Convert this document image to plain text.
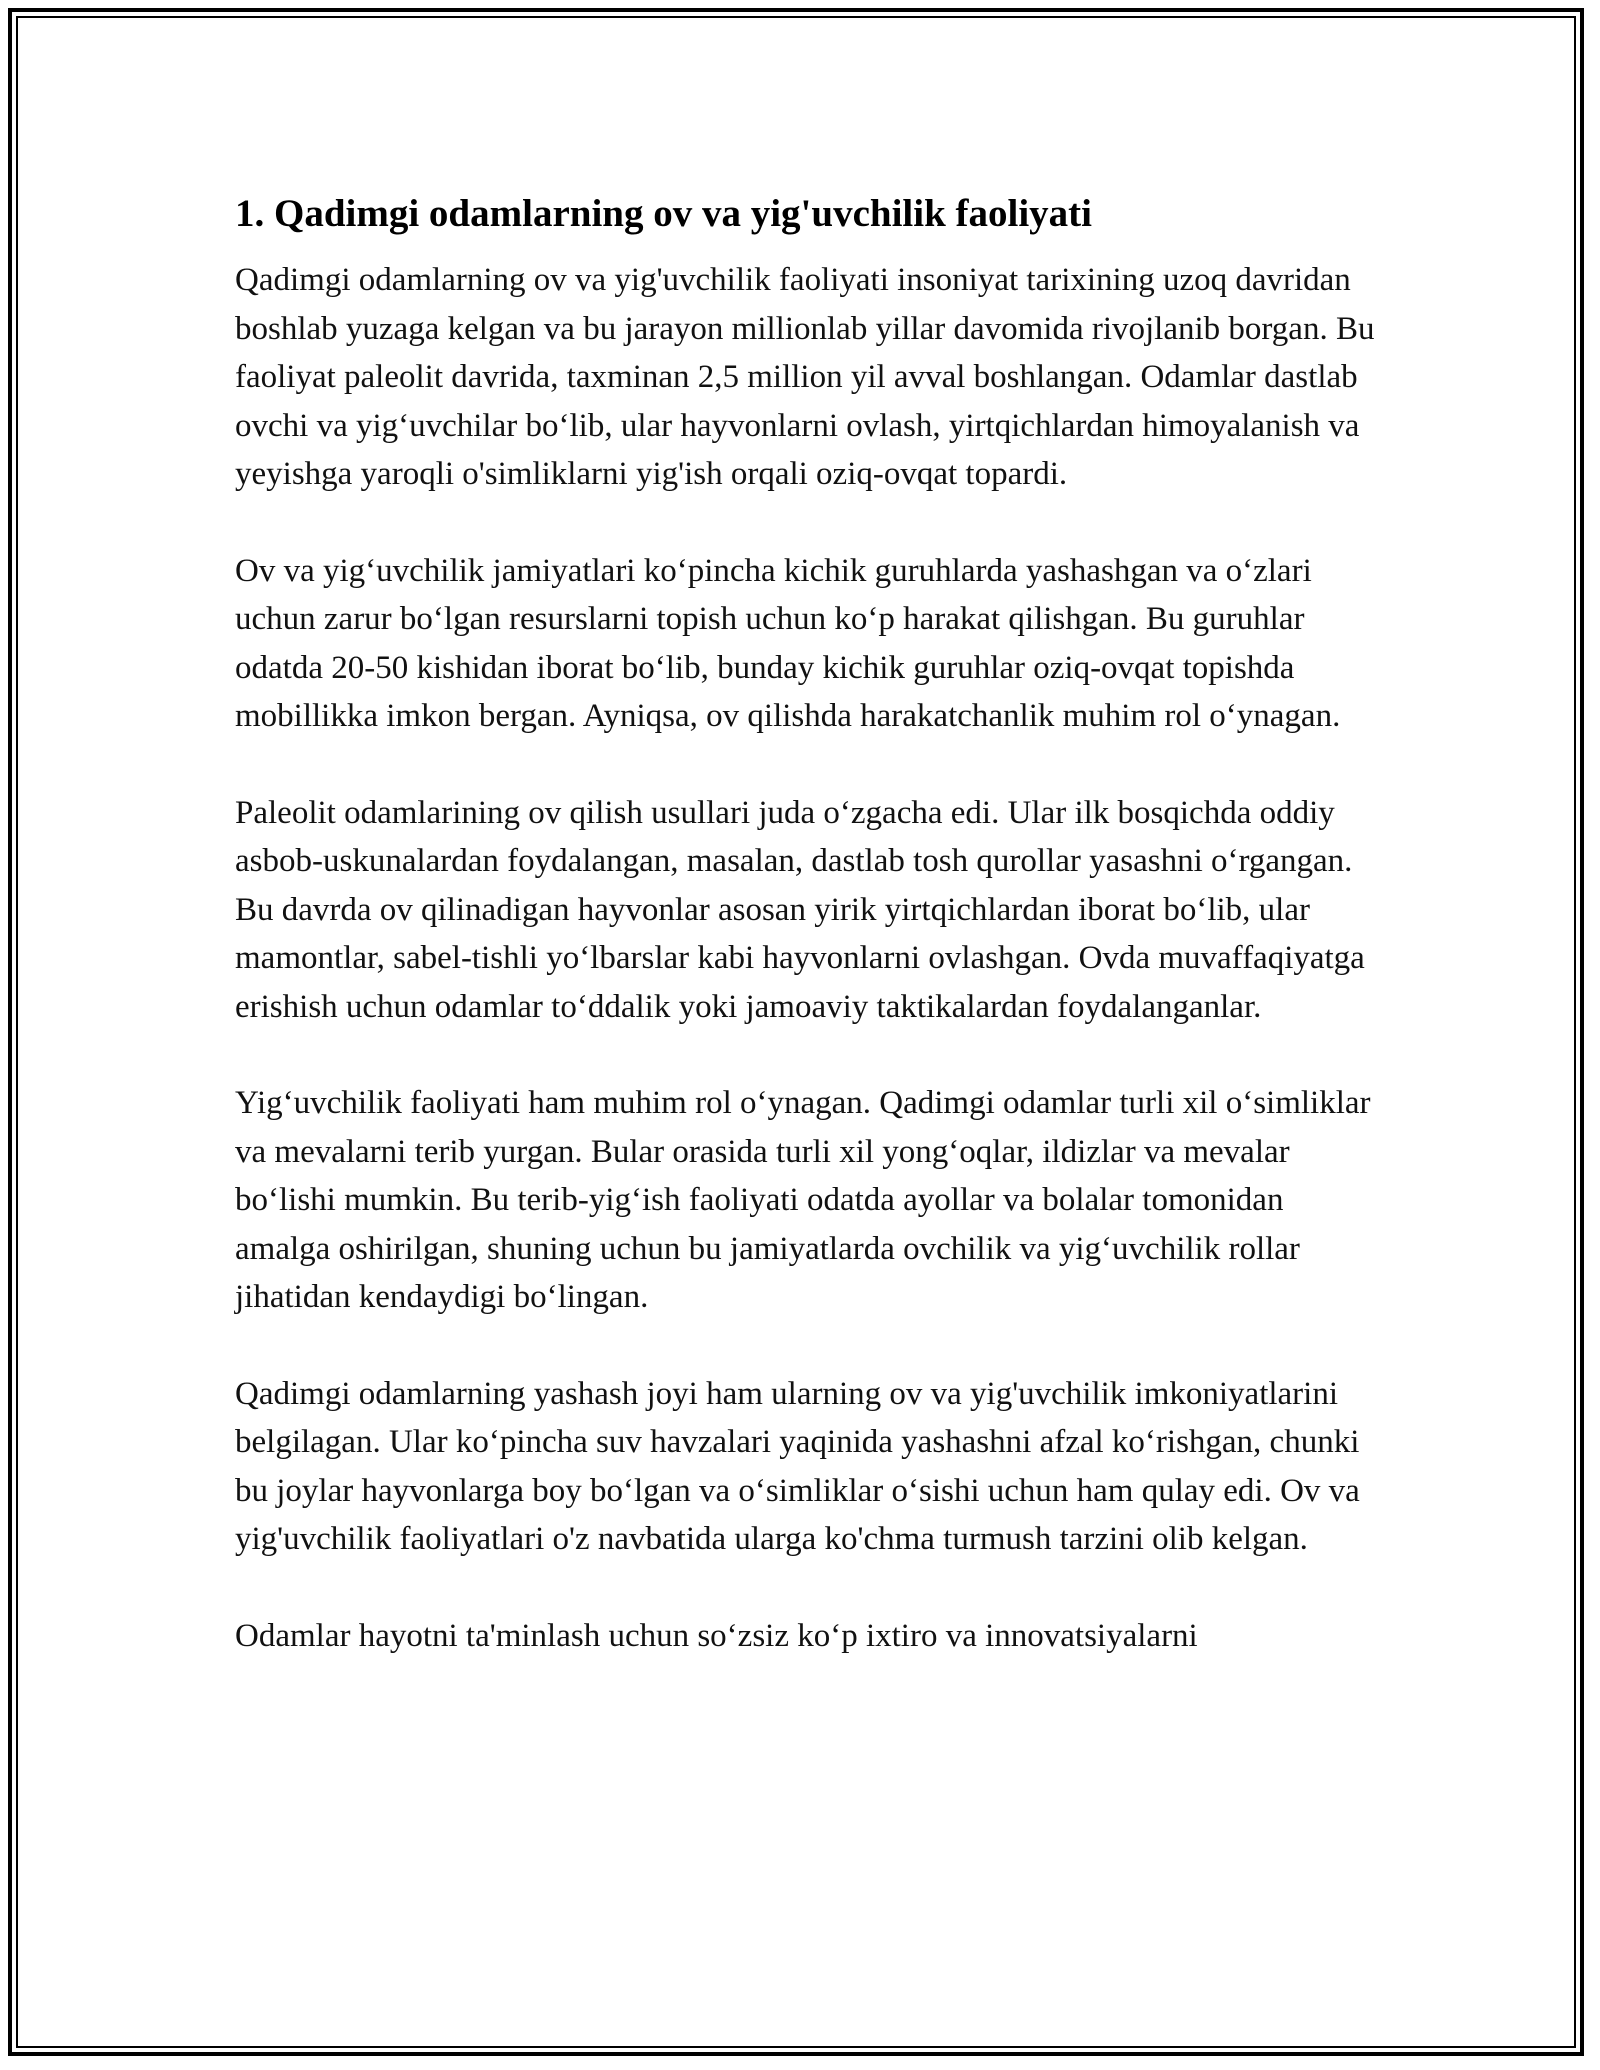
1. Qadimgi odamlarning ov va yig'uvchilik faoliyati

Qadimgi odamlarning ov va yig'uvchilik faoliyati insoniyat tarixining uzoq davridan boshlab yuzaga kelgan va bu jarayon millionlab yillar davomida rivojlanib borgan. Bu faoliyat paleolit davrida, taxminan 2,5 million yil avval boshlangan. Odamlar dastlab ovchi va yig‘uvchilar bo‘lib, ular hayvonlarni ovlash, yirtqichlardan himoyalanish va yeyishga yaroqli o'simliklarni yig'ish orqali oziq-ovqat topardi.

Ov va yig‘uvchilik jamiyatlari ko‘pincha kichik guruhlarda yashashgan va o‘zlari uchun zarur bo‘lgan resurslarni topish uchun ko‘p harakat qilishgan. Bu guruhlar odatda 20-50 kishidan iborat bo‘lib, bunday kichik guruhlar oziq-ovqat topishda mobillikka imkon bergan. Ayniqsa, ov qilishda harakatchanlik muhim rol o‘ynagan.

Paleolit odamlarining ov qilish usullari juda o‘zgacha edi. Ular ilk bosqichda oddiy asbob-uskunalardan foydalangan, masalan, dastlab tosh qurollar yasashni o‘rgangan. Bu davrda ov qilinadigan hayvonlar asosan yirik yirtqichlardan iborat bo‘lib, ular mamontlar, sabel-tishli yo‘lbarslar kabi hayvonlarni ovlashgan. Ovda muvaffaqiyatga erishish uchun odamlar to‘ddalik yoki jamoaviy taktikalardan foydalanganlar.

Yig‘uvchilik faoliyati ham muhim rol o‘ynagan. Qadimgi odamlar turli xil o‘simliklar va mevalarni terib yurgan. Bular orasida turli xil yong‘oqlar, ildizlar va mevalar bo‘lishi mumkin. Bu terib-yig‘ish faoliyati odatda ayollar va bolalar tomonidan amalga oshirilgan, shuning uchun bu jamiyatlarda ovchilik va yig‘uvchilik rollar jihatidan kendaydigi bo‘lingan.

Qadimgi odamlarning yashash joyi ham ularning ov va yig'uvchilik imkoniyatlarini belgilagan. Ular ko‘pincha suv havzalari yaqinida yashashni afzal ko‘rishgan, chunki bu joylar hayvonlarga boy bo‘lgan va o‘simliklar o‘sishi uchun ham qulay edi. Ov va yig'uvchilik faoliyatlari o'z navbatida ularga ko'chma turmush tarzini olib kelgan.

Odamlar hayotni ta'minlash uchun so‘zsiz ko‘p ixtiro va innovatsiyalarni
